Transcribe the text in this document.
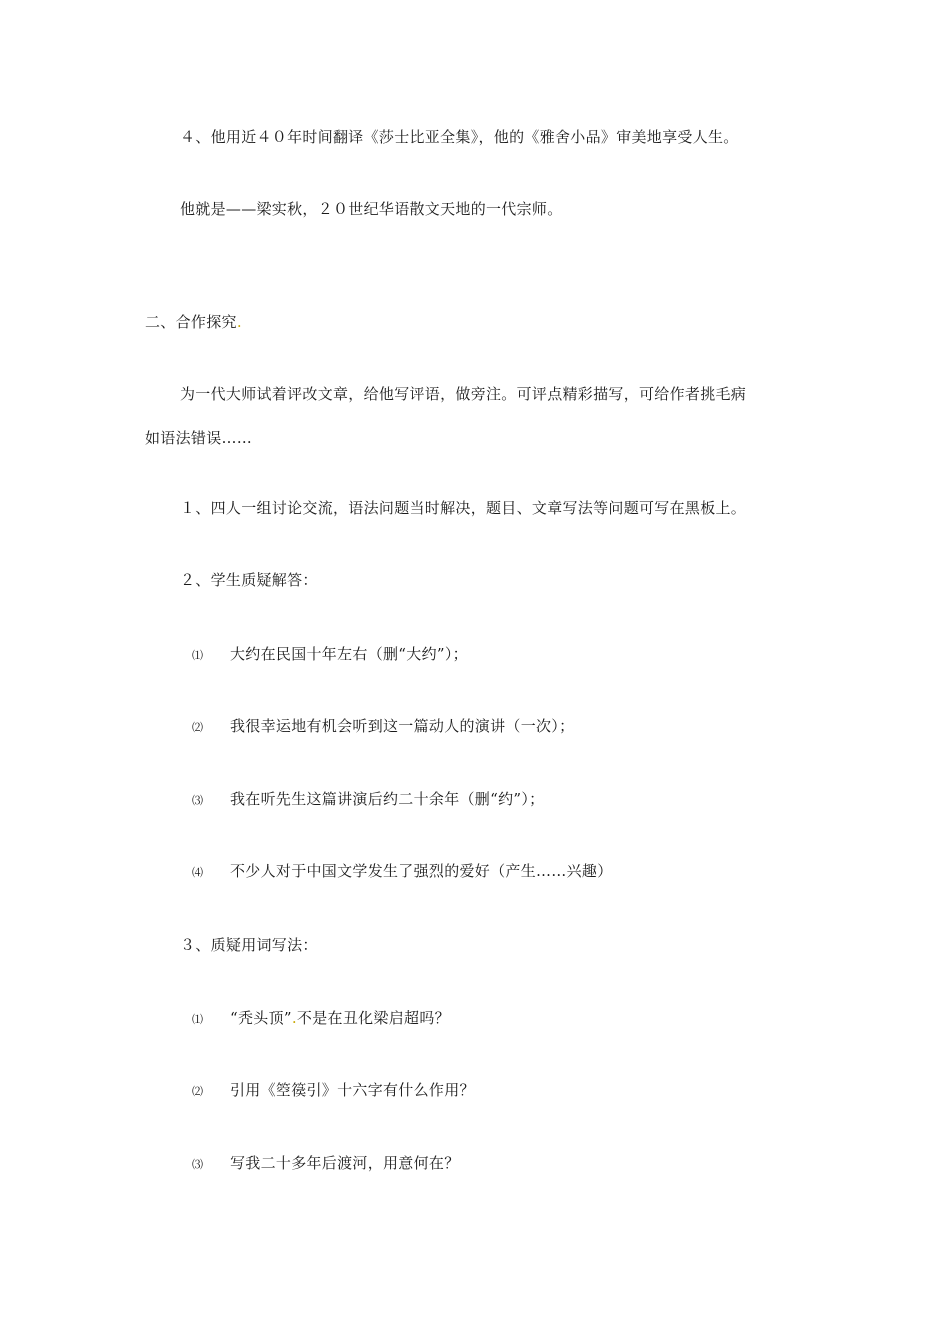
４、他用近４０年时间翻译《莎士比亚全集》，他的《雅舍小品》审美地享受人生。
他就是——梁实秋，２０世纪华语散文天地的一代宗师。
二、合作探究.
为一代大师试着评改文章，给他写评语，做旁注。可评点精彩描写，可给作者挑毛病
如语法错误……
１、四人一组讨论交流，语法问题当时解决，题目、文章写法等问题可写在黑板上。
２、学生质疑解答：
⑴ 大约在民国十年左右（删“大约”）；
⑵ 我很幸运地有机会听到这一篇动人的演讲（一次）；
⑶ 我在听先生这篇讲演后约二十余年（删“约”）；
⑷ 不少人对于中国文学发生了强烈的爱好（产生……兴趣）
３、质疑用词写法：
⑴ “秃头顶”.不是在丑化梁启超吗？
⑵ 引用《箜篌引》十六字有什么作用？
⑶ 写我二十多年后渡河，用意何在？
